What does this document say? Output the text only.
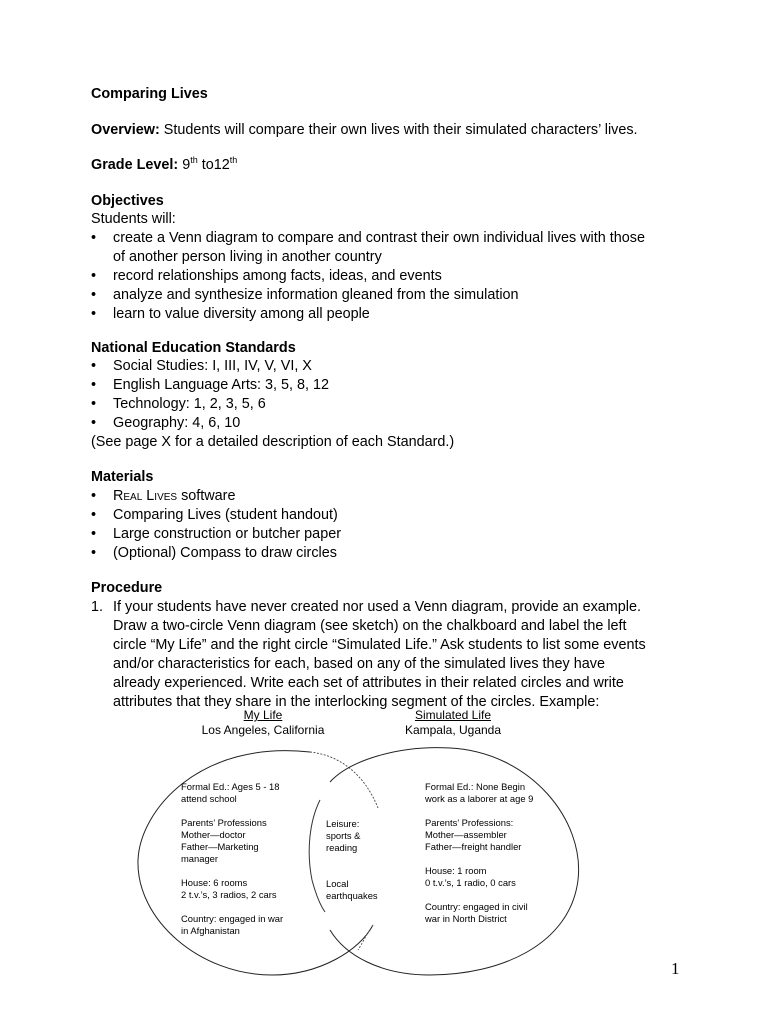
Comparing Lives
Overview: Students will compare their own lives with their simulated characters’ lives.
Grade Level: 9th to12th
Objectives
Students will:
• create a Venn diagram to compare and contrast their own individual lives with those
of another person living in another country
• record relationships among facts, ideas, and events
• analyze and synthesize information gleaned from the simulation
• learn to value diversity among all people
National Education Standards
• Social Studies: I, III, IV, V, VI, X
• English Language Arts: 3, 5, 8, 12
• Technology: 1, 2, 3, 5, 6
• Geography: 4, 6, 10
(See page X for a detailed description of each Standard.)
Materials
• Real Lives software
• Comparing Lives (student handout)
• Large construction or butcher paper
• (Optional) Compass to draw circles
Procedure
1. If your students have never created nor used a Venn diagram, provide an example.
Draw a two-circle Venn diagram (see sketch) on the chalkboard and label the left
circle “My Life” and the right circle “Simulated Life.” Ask students to list some events
and/or characteristics for each, based on any of the simulated lives they have
already experienced. Write each set of attributes in their related circles and write
attributes that they share in the interlocking segment of the circles. Example:
My Life
Los Angeles, California
Simulated Life
Kampala, Uganda
Formal Ed.: Ages 5 - 18
attend school
Parents’ Professions
Mother—doctor
Father—Marketing
manager
House: 6 rooms
2 t.v.’s, 3 radios, 2 cars
Country: engaged in war
in Afghanistan
Leisure:
sports &
reading
Local
earthquakes
Formal Ed.: None Begin
work as a laborer at age 9
Parents’ Professions:
Mother—assembler
Father—freight handler
House: 1 room
0 t.v.’s, 1 radio, 0 cars
Country: engaged in civil
war in North District
1
